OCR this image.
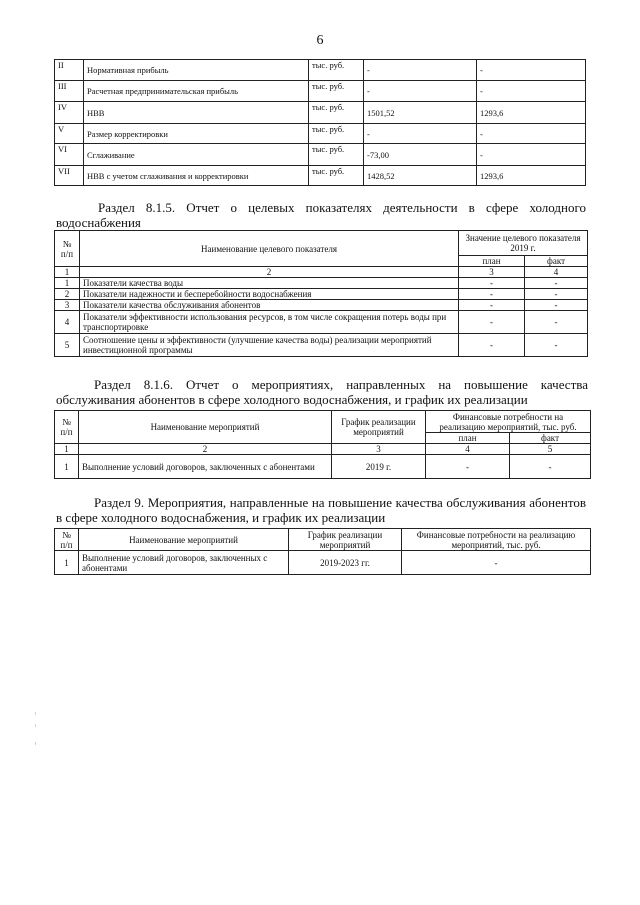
6
II	Нормативная прибыль	тыс. руб.	-	-
III	Расчетная предпринимательская прибыль	тыс. руб.	-	-
IV	НВВ	тыс. руб.	1501,52	1293,6
V	Размер корректировки	тыс. руб.	-	-
VI	Сглаживание	тыс. руб.	-73,00	-
VII	НВВ с учетом сглаживания и корректировки	тыс. руб.	1428,52	1293,6
Раздел 8.1.5. Отчет о целевых показателях деятельности в сфере холодного водоснабжения
№ п/п	Наименование целевого показателя	Значение целевого показателя 2019 г.	
		план	факт
1	2	3	4
1	Показатели качества воды	-	-
2	Показатели надежности и бесперебойности водоснабжения	-	-
3	Показатели качества обслуживания абонентов	-	-
4	Показатели эффективности использования ресурсов, в том числе сокращения потерь воды при транспортировке	-	-
5	Соотношение цены и эффективности (улучшение качества воды) реализации мероприятий инвестиционной программы	-	-
Раздел 8.1.6. Отчет о мероприятиях, направленных на повышение качества обслуживания абонентов в сфере холодного водоснабжения, и график их реализации
№ п/п	Наименование мероприятий	График реализации мероприятий	Финансовые потребности на реализацию мероприятий, тыс. руб.	
			план	факт
1	2	3	4	5
1	Выполнение условий договоров, заключенных с абонентами	2019 г.	-	-
Раздел 9. Мероприятия, направленные на повышение качества обслуживания абонентов в сфере холодного водоснабжения, и график их реализации
№ п/п	Наименование мероприятий	График реализации мероприятий	Финансовые потребности на реализацию мероприятий, тыс. руб.
1	Выполнение условий договоров, заключенных с абонентами	2019-2023 гг.	-
